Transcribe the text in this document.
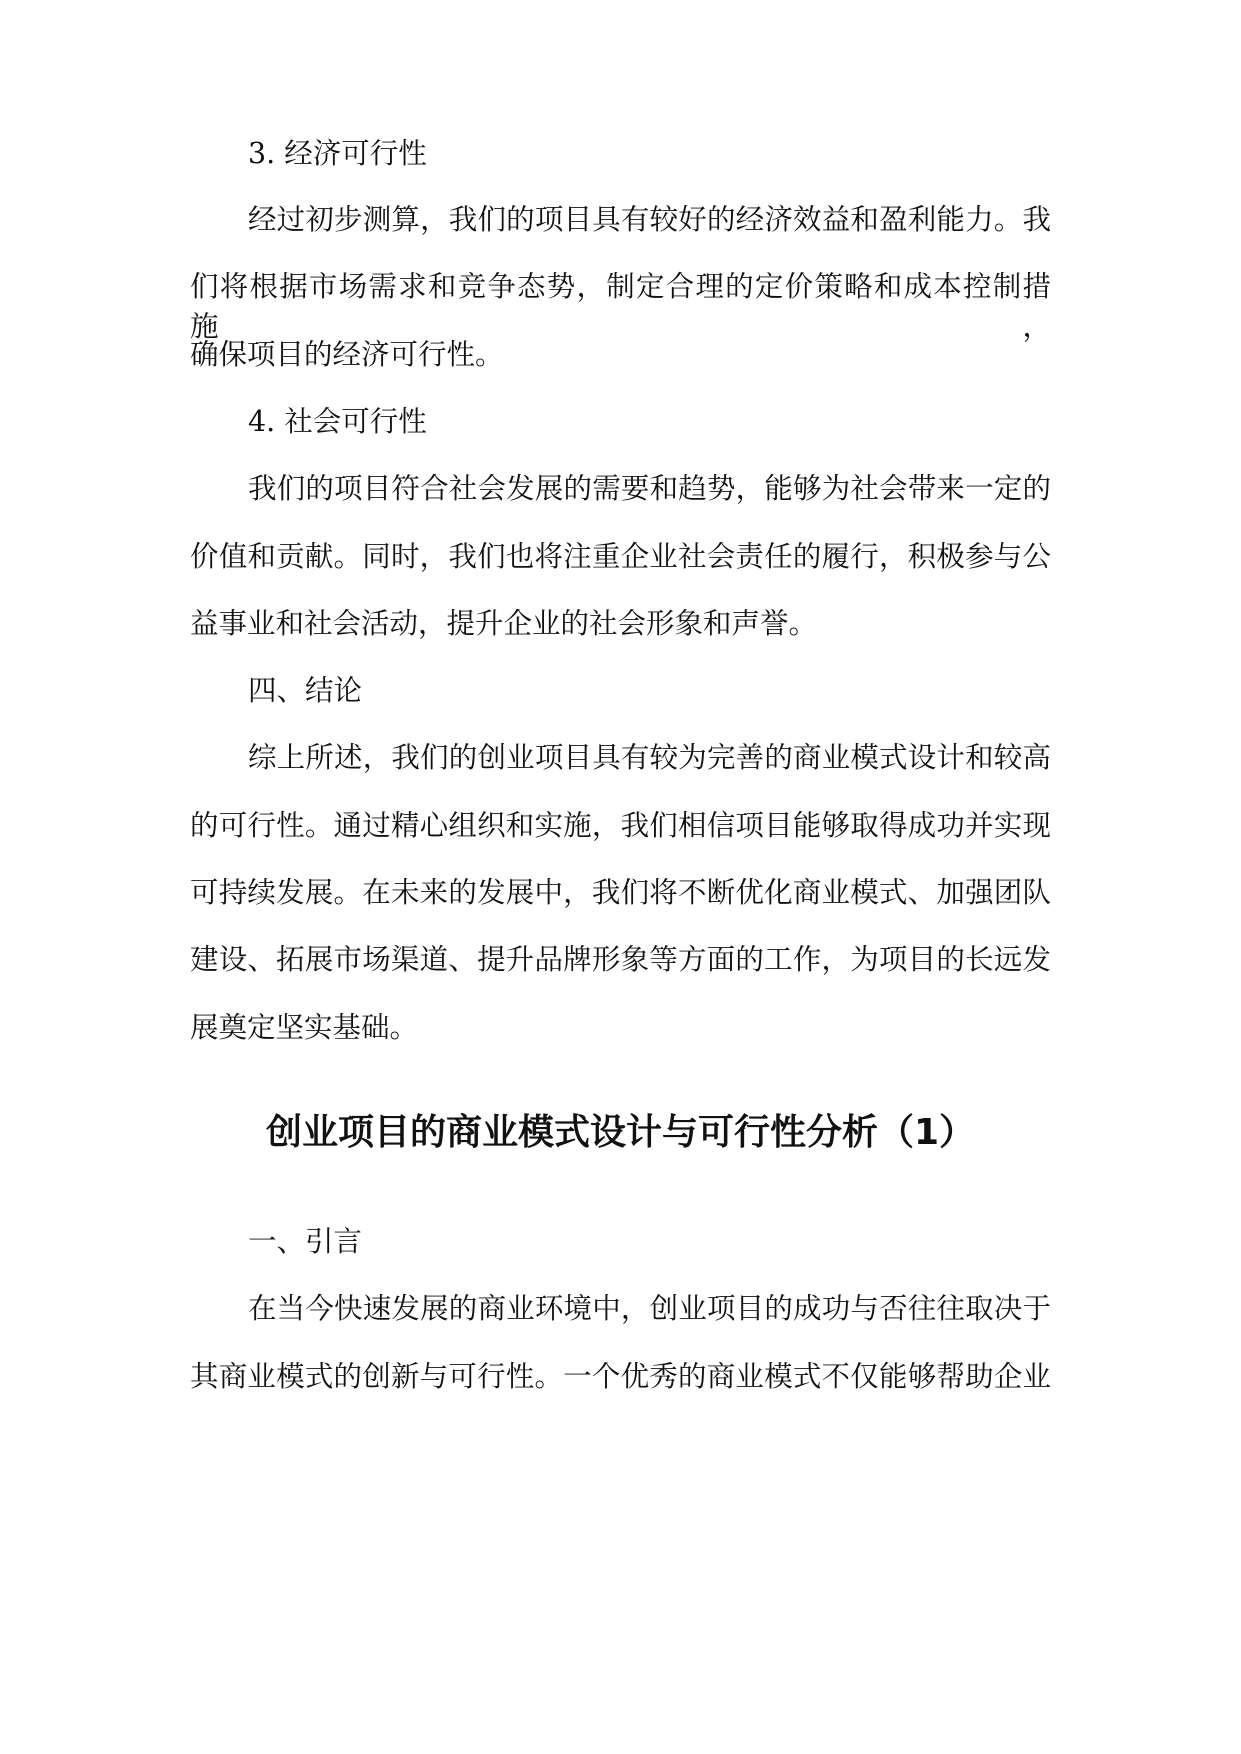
3. 经济可行性
经过初步测算，我们的项目具有较好的经济效益和盈利能力。我
们将根据市场需求和竞争态势，制定合理的定价策略和成本控制措施，
确保项目的经济可行性。
4. 社会可行性
我们的项目符合社会发展的需要和趋势，能够为社会带来一定的
价值和贡献。同时，我们也将注重企业社会责任的履行，积极参与公
益事业和社会活动，提升企业的社会形象和声誉。
四、结论
综上所述，我们的创业项目具有较为完善的商业模式设计和较高
的可行性。通过精心组织和实施，我们相信项目能够取得成功并实现
可持续发展。在未来的发展中，我们将不断优化商业模式、加强团队
建设、拓展市场渠道、提升品牌形象等方面的工作，为项目的长远发
展奠定坚实基础。
创业项目的商业模式设计与可行性分析（1）
一、引言
在当今快速发展的商业环境中，创业项目的成功与否往往取决于
其商业模式的创新与可行性。一个优秀的商业模式不仅能够帮助企业
